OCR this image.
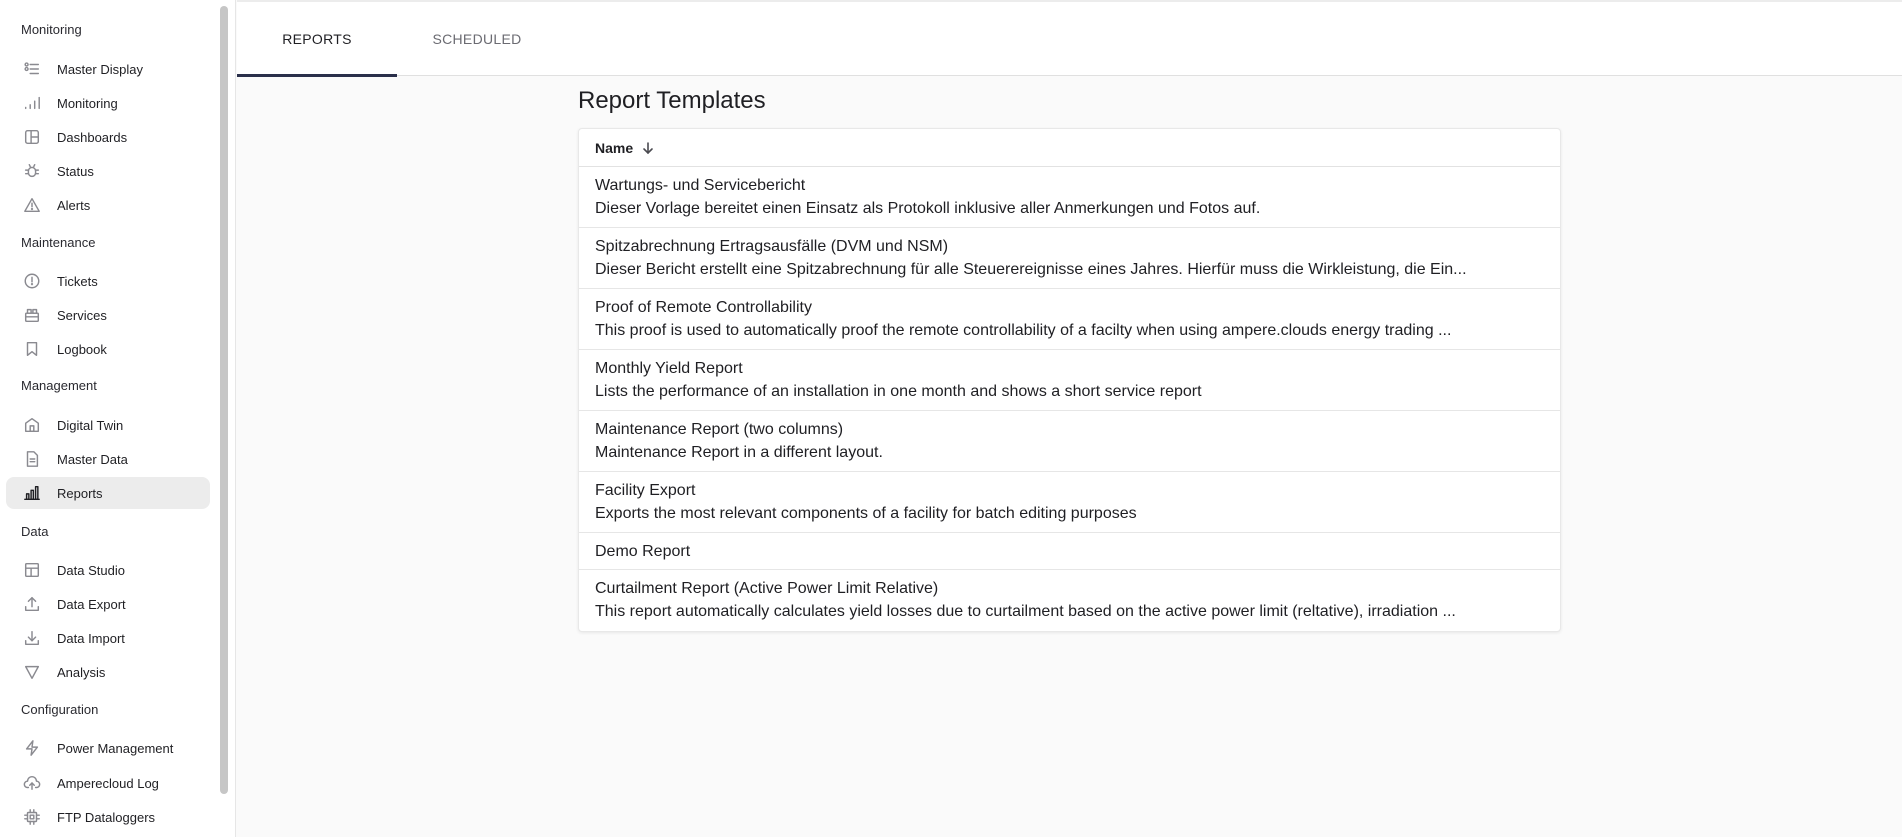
Monitoring
Master Display
Monitoring
Dashboards
Status
Alerts
Maintenance
Tickets
Services
Logbook
Management
Digital Twin
Master Data
Reports
Data
Data Studio
Data Export
Data Import
Analysis
Configuration
Power Management
Amperecloud Log
FTP Dataloggers
REPORTS	SCHEDULED
Report Templates
Name
Wartungs- und Servicebericht
Dieser Vorlage bereitet einen Einsatz als Protokoll inklusive aller Anmerkungen und Fotos auf.
Spitzabrechnung Ertragsausfälle (DVM und NSM)
Dieser Bericht erstellt eine Spitzabrechnung für alle Steuerereignisse eines Jahres. Hierfür muss die Wirkleistung, die Ein...
Proof of Remote Controllability
This proof is used to automatically proof the remote controllability of a facilty when using ampere.clouds energy trading ...
Monthly Yield Report
Lists the performance of an installation in one month and shows a short service report
Maintenance Report (two columns)
Maintenance Report in a different layout.
Facility Export
Exports the most relevant components of a facility for batch editing purposes
Demo Report
Curtailment Report (Active Power Limit Relative)
This report automatically calculates yield losses due to curtailment based on the active power limit (reltative), irradiation ...
